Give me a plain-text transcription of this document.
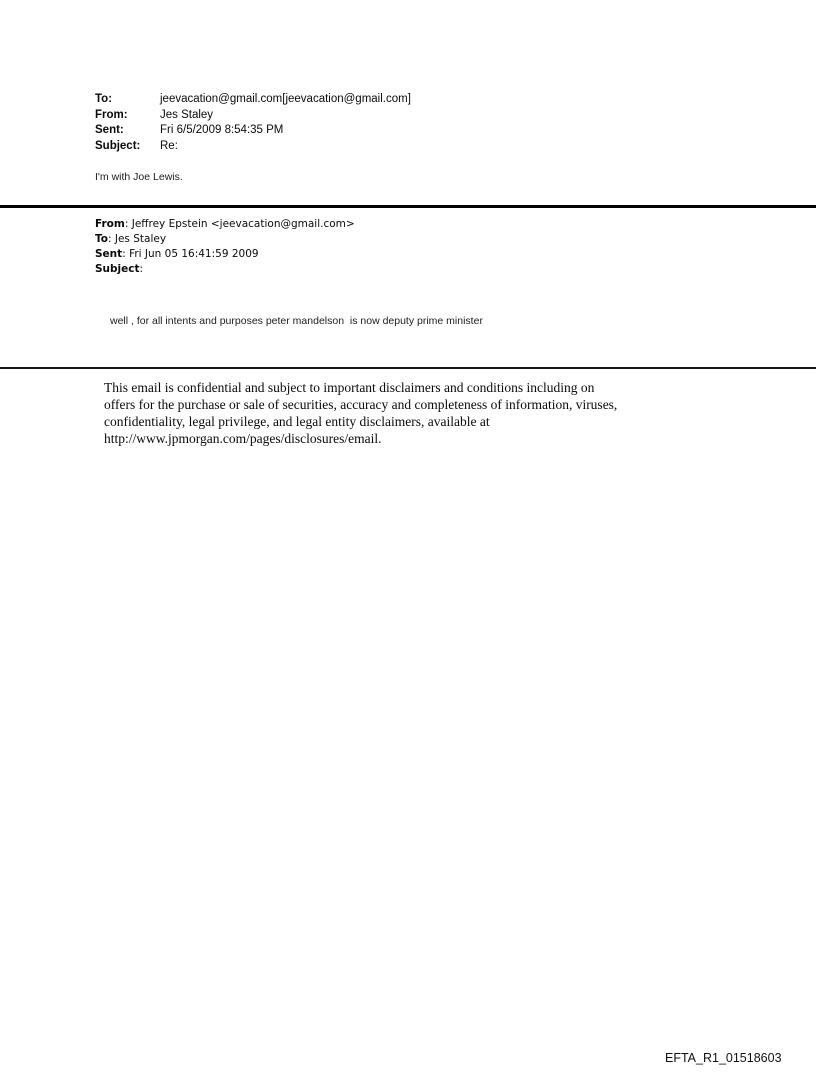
To:	jeevacation@gmail.com[jeevacation@gmail.com]
From:	Jes Staley
Sent:	Fri 6/5/2009 8:54:35 PM
Subject:	Re:
I'm with Joe Lewis.
From: Jeffrey Epstein <jeevacation@gmail.com>
To: Jes Staley
Sent: Fri Jun 05 16:41:59 2009
Subject:
well , for all intents and purposes peter mandelson  is now deputy prime minister
This email is confidential and subject to important disclaimers and conditions including on
offers for the purchase or sale of securities, accuracy and completeness of information, viruses,
confidentiality, legal privilege, and legal entity disclaimers, available at
http://www.jpmorgan.com/pages/disclosures/email.
EFTA_R1_01518603
